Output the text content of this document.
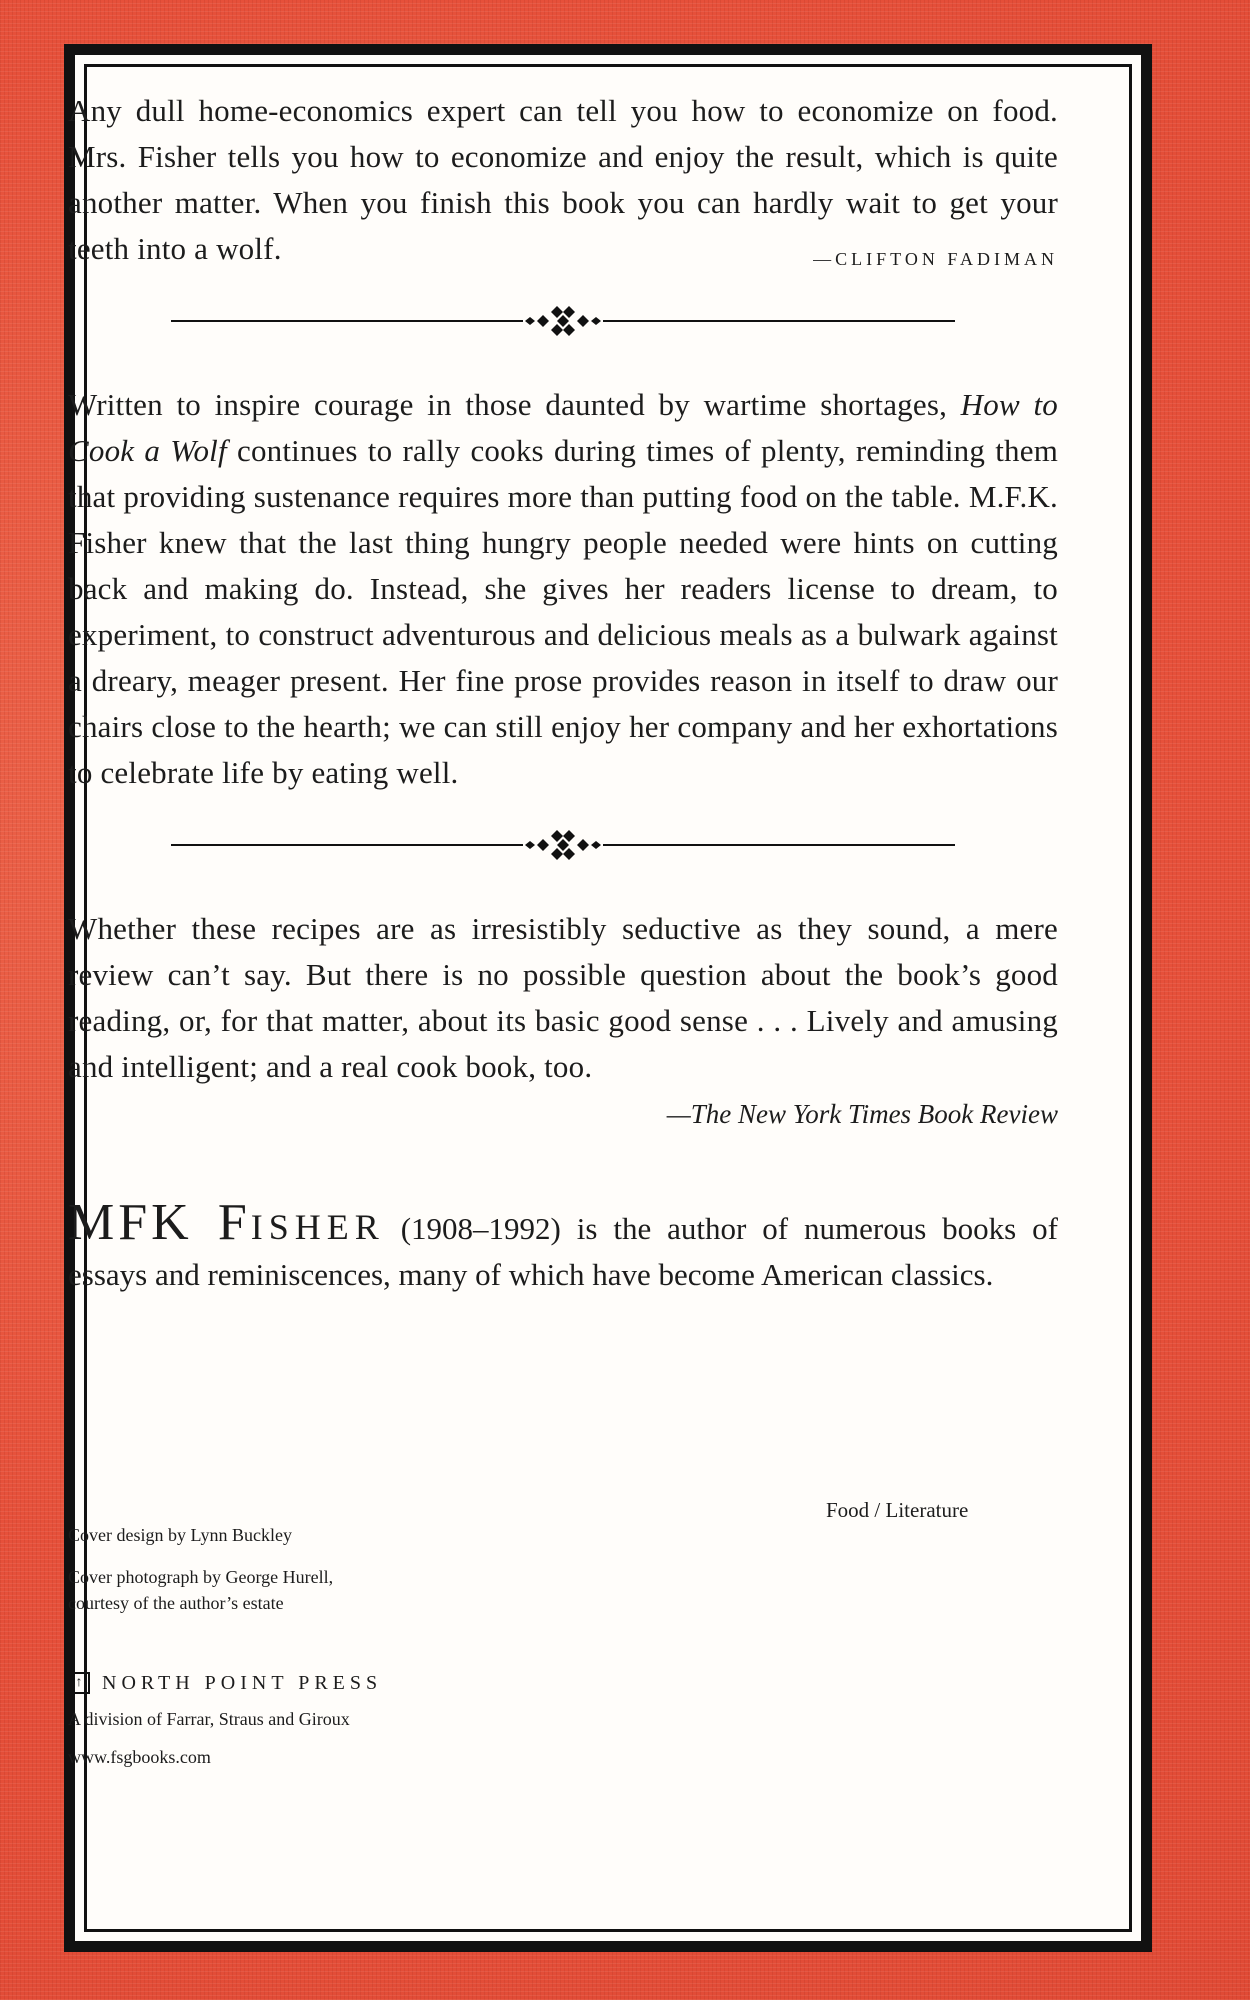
Any dull home-economics expert can tell you how to economize on food. Mrs. Fisher tells you how to economize and enjoy the result, which is quite another matter. When you finish this book you can hardly wait to get your teeth into a wolf.	—CLIFTON FADIMAN

Written to inspire courage in those daunted by wartime shortages, How to Cook a Wolf continues to rally cooks during times of plenty, reminding them that providing sustenance requires more than putting food on the table. M.F.K. Fisher knew that the last thing hungry people needed were hints on cutting back and making do. Instead, she gives her readers license to dream, to experiment, to construct adventurous and delicious meals as a bulwark against a dreary, meager present. Her fine prose provides reason in itself to draw our chairs close to the hearth; we can still enjoy her company and her exhortations to celebrate life by eating well.

Whether these recipes are as irresistibly seductive as they sound, a mere review can’t say. But there is no possible question about the book’s good reading, or, for that matter, about its basic good sense . . . Lively and amusing and intelligent; and a real cook book, too.

—The New York Times Book Review

MFK FISHER (1908–1992) is the author of numerous books of essays and reminiscences, many of which have become American classics.

Food / Literature

Cover design by Lynn Buckley

Cover photograph by George Hurell,

courtesy of the author’s estate

↑ NORTH POINT PRESS

A division of Farrar, Straus and Giroux

www.fsgbooks.com
